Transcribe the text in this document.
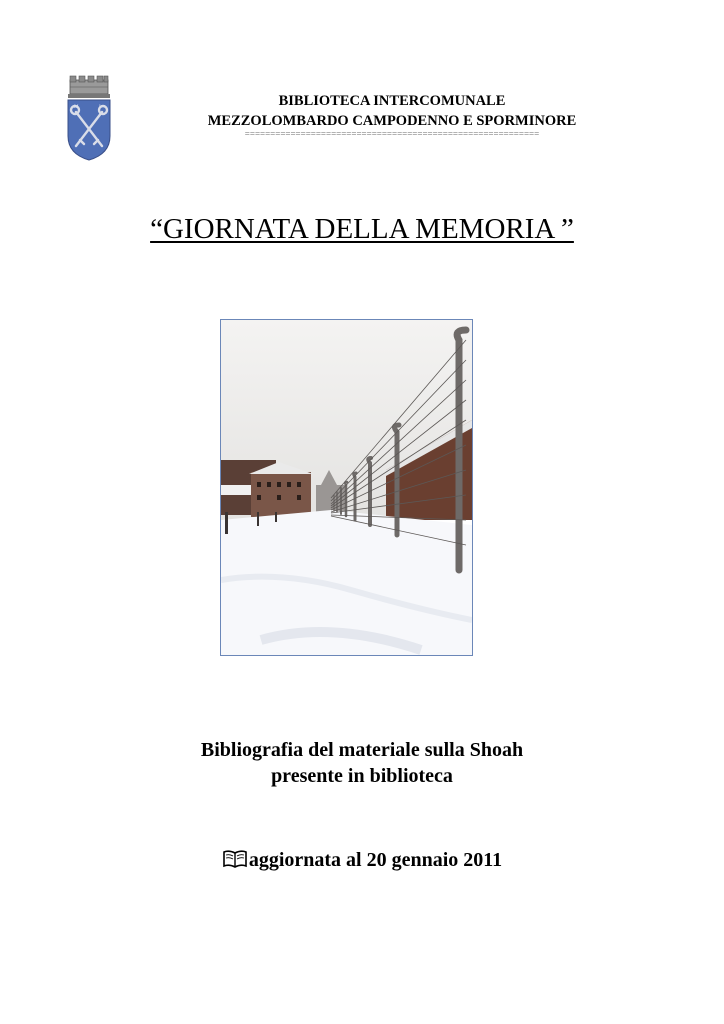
M	I	BIBLIOTECA INTERCOMUNALE
MEZZOLOMBARDO CAMPODENNO E SPORMINORE
==========================================================
“GIORNATA DELLA MEMORIA ”
Bibliografia del materiale sulla Shoah
presente in biblioteca
aggiornata al 20 gennaio 2011
